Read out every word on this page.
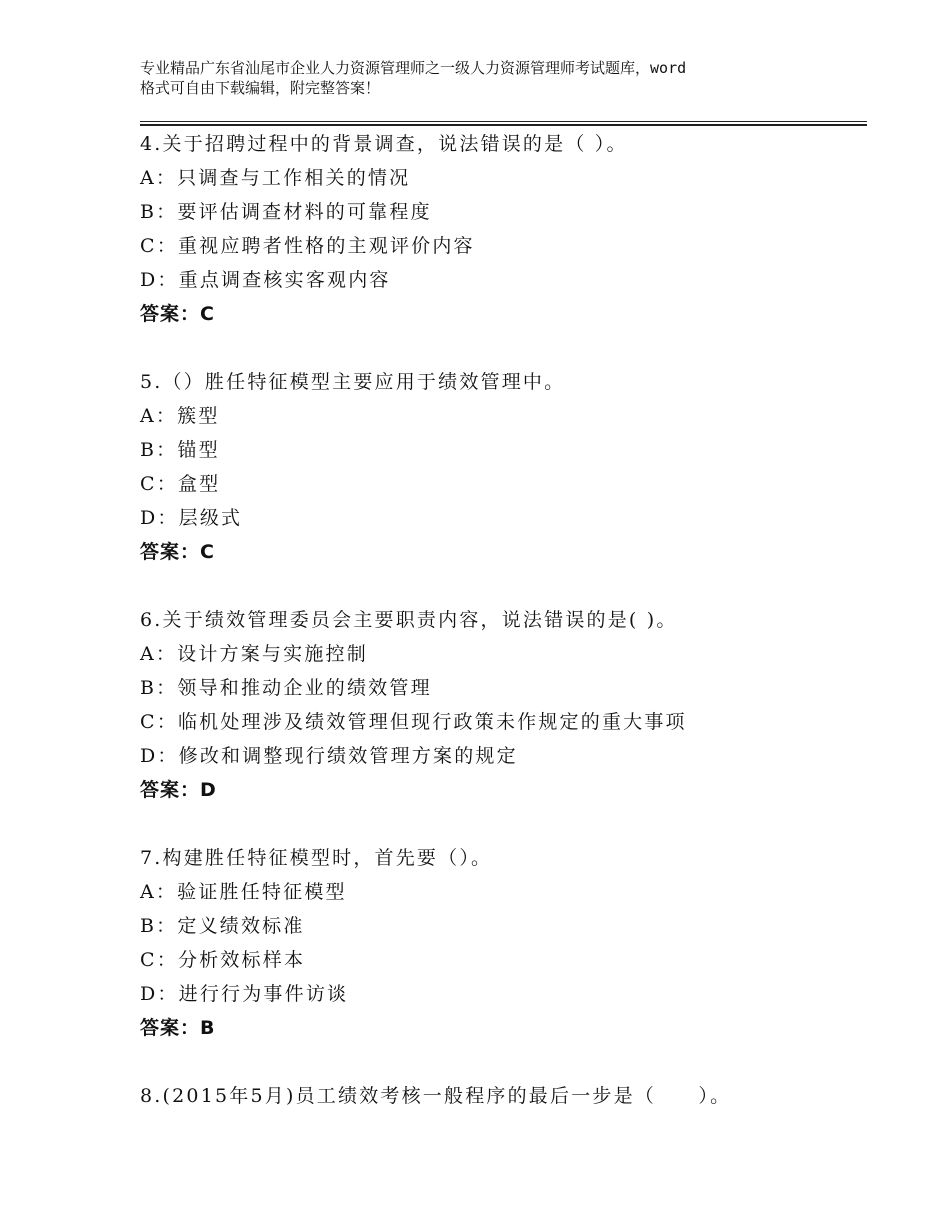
专业精品广东省汕尾市企业人力资源管理师之一级人力资源管理师考试题库，word
格式可自由下载编辑，附完整答案！
4.关于招聘过程中的背景调查，说法错误的是（ ）。
A：只调查与工作相关的情况
B：要评估调查材料的可靠程度
C：重视应聘者性格的主观评价内容
D：重点调查核实客观内容
答案：C
5.（）胜任特征模型主要应用于绩效管理中。
A：簇型
B：锚型
C：盒型
D：层级式
答案：C
6.关于绩效管理委员会主要职责内容，说法错误的是( )。
A：设计方案与实施控制
B：领导和推动企业的绩效管理
C：临机处理涉及绩效管理但现行政策未作规定的重大事项
D：修改和调整现行绩效管理方案的规定
答案：D
7.构建胜任特征模型时，首先要（）。
A：验证胜任特征模型
B：定义绩效标准
C：分析效标样本
D：进行行为事件访谈
答案：B
8.(2015年5月)员工绩效考核一般程序的最后一步是（　　）。
